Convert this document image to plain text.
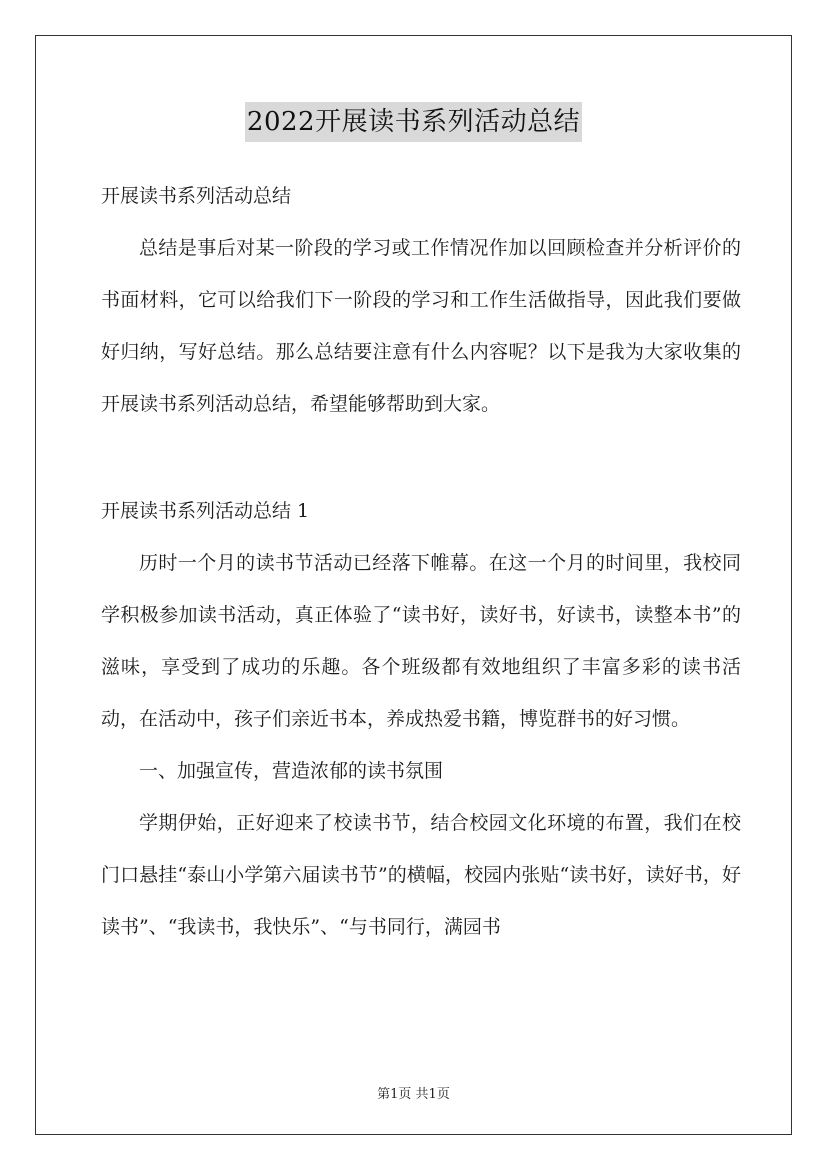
2022开展读书系列活动总结

开展读书系列活动总结

总结是事后对某一阶段的学习或工作情况作加以回顾检查并分析评价的书面材料，它可以给我们下一阶段的学习和工作生活做指导，因此我们要做好归纳，写好总结。那么总结要注意有什么内容呢？以下是我为大家收集的开展读书系列活动总结，希望能够帮助到大家。

开展读书系列活动总结 1

历时一个月的读书节活动已经落下帷幕。在这一个月的时间里，我校同学积极参加读书活动，真正体验了“读书好，读好书，好读书，读整本书”的滋味，享受到了成功的乐趣。各个班级都有效地组织了丰富多彩的读书活动，在活动中，孩子们亲近书本，养成热爱书籍，博览群书的好习惯。

一、加强宣传，营造浓郁的读书氛围

学期伊始，正好迎来了校读书节，结合校园文化环境的布置，我们在校门口悬挂“泰山小学第六届读书节”的横幅，校园内张贴“读书好，读好书，好读书”、“我读书，我快乐”、“与书同行，满园书

第1页 共1页
